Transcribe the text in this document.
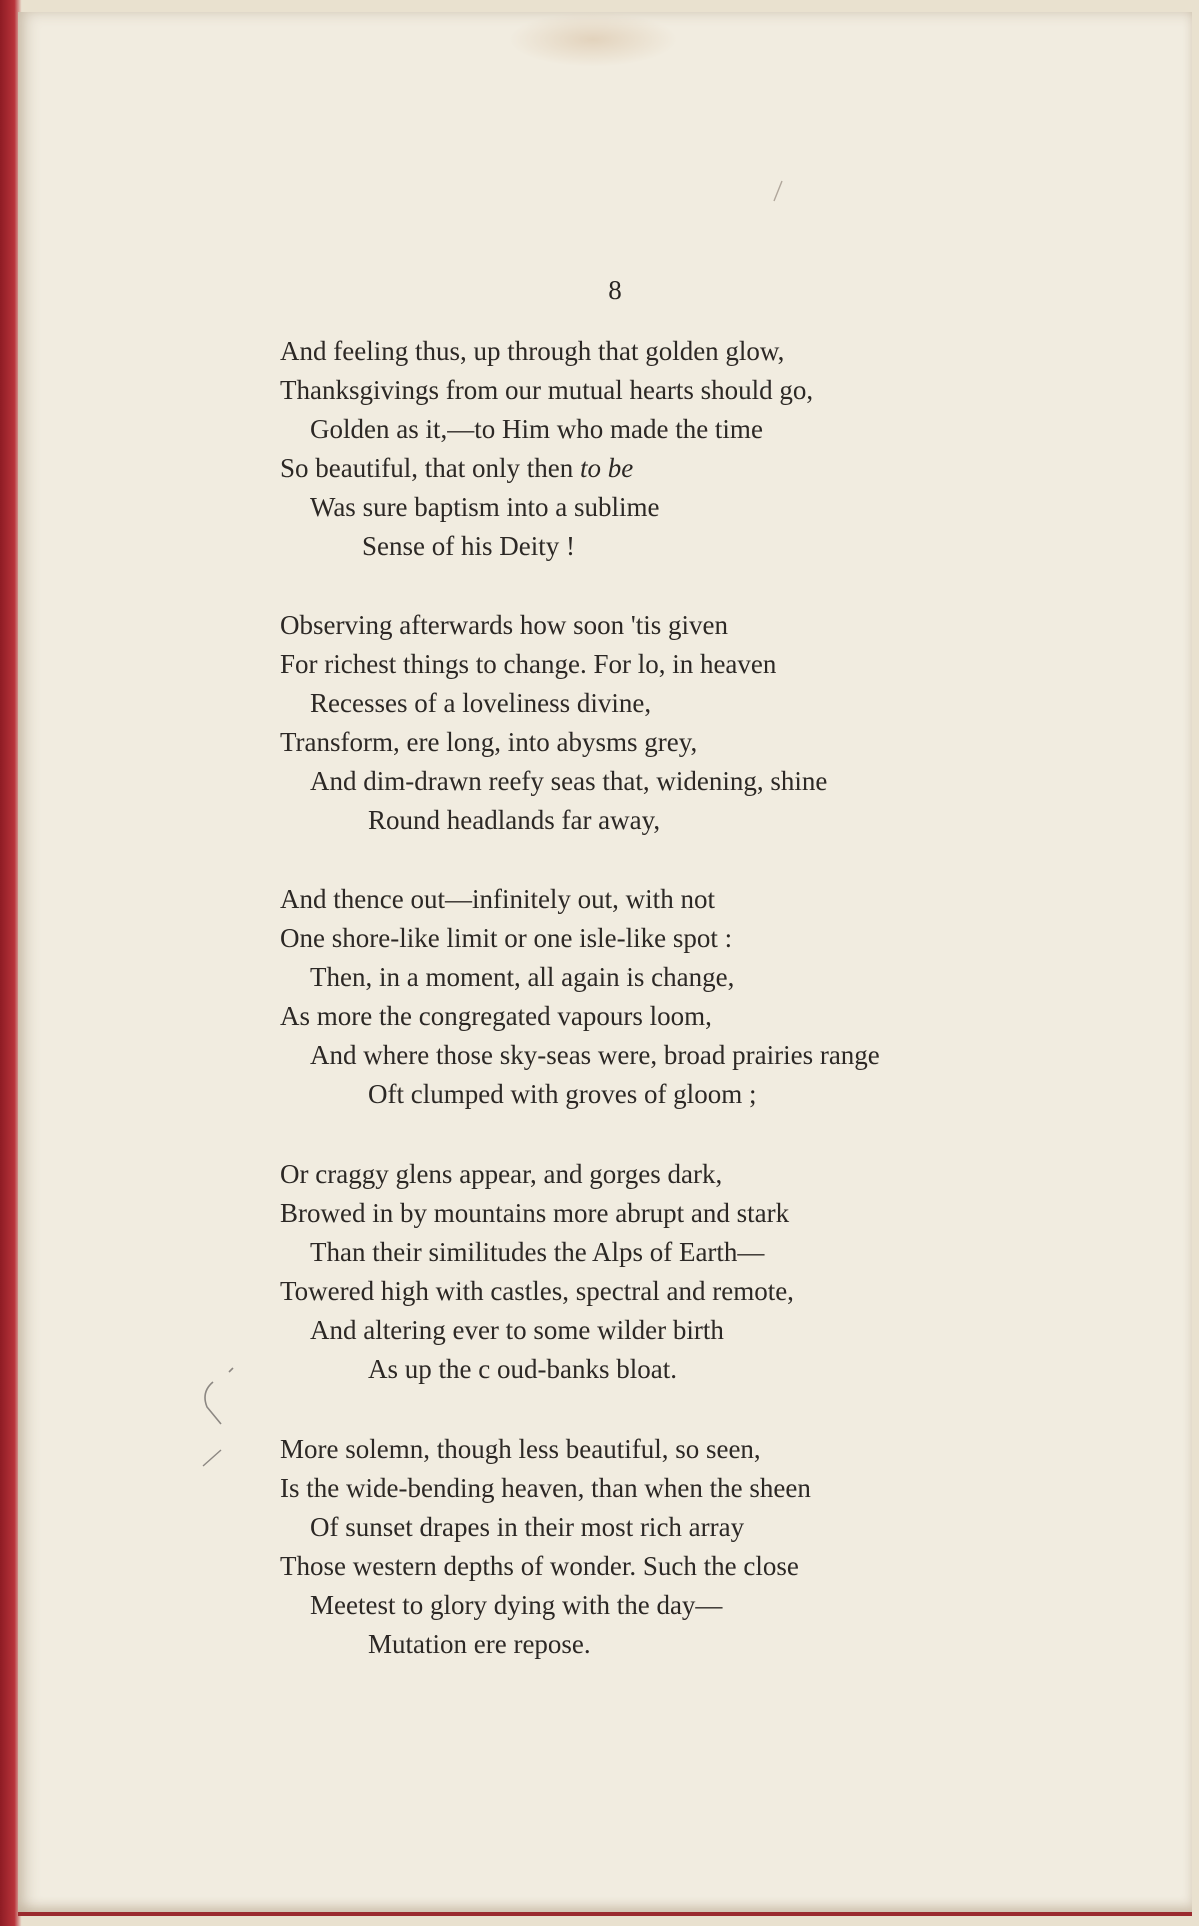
8
And feeling thus, up through that golden glow,
Thanksgivings from our mutual hearts should go,
Golden as it,—to Him who made the time
So beautiful, that only then to be
Was sure baptism into a sublime
Sense of his Deity !
Observing afterwards how soon 'tis given
For richest things to change. For lo, in heaven
Recesses of a loveliness divine,
Transform, ere long, into abysms grey,
And dim-drawn reefy seas that, widening, shine
Round headlands far away,
And thence out—infinitely out, with not
One shore-like limit or one isle-like spot :
Then, in a moment, all again is change,
As more the congregated vapours loom,
And where those sky-seas were, broad prairies range
Oft clumped with groves of gloom ;
Or craggy glens appear, and gorges dark,
Browed in by mountains more abrupt and stark
Than their similitudes the Alps of Earth—
Towered high with castles, spectral and remote,
And altering ever to some wilder birth
As up the c oud-banks bloat.
More solemn, though less beautiful, so seen,
Is the wide-bending heaven, than when the sheen
Of sunset drapes in their most rich array
Those western depths of wonder. Such the close
Meetest to glory dying with the day—
Mutation ere repose.
